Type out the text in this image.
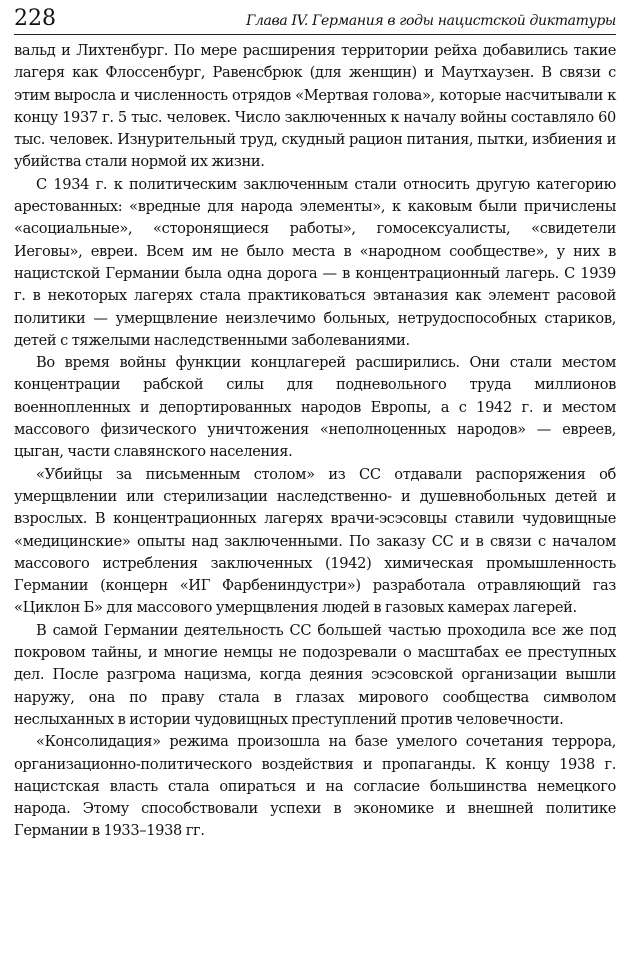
228	Глава IV. Германия в годы нацистской диктатуры

вальд и Лихтенбург. По мере расширения территории рейха добавились такие лагеря как Флоссенбург, Равенсбрюк (для женщин) и Маутхаузен. В связи с этим выросла и численность отрядов «Мертвая голова», которые насчитывали к концу 1937 г. 5 тыс. человек. Число заключенных к началу войны составляло 60 тыс. человек. Изнурительный труд, скудный рацион питания, пытки, избиения и убийства стали нормой их жизни.

С 1934 г. к политическим заключенным стали относить другую категорию арестованных: «вредные для народа элементы», к каковым были причислены «асоциальные», «сторонящиеся работы», гомосексуалисты, «свидетели Иеговы», евреи. Всем им не было места в «народном сообществе», у них в нацистской Германии была одна дорога — в концентрационный лагерь. С 1939 г. в некоторых лагерях стала практиковаться эвтаназия как элемент расовой политики — умерщвление неизлечимо больных, нетрудоспособных стариков, детей с тяжелыми наследственными заболеваниями.

Во время войны функции концлагерей расширились. Они стали местом концентрации рабской силы для подневольного труда миллионов военнопленных и депортированных народов Европы, а с 1942 г. и местом массового физического уничтожения «неполноценных народов» — евреев, цыган, части славянского населения.

«Убийцы за письменным столом» из СС отдавали распоряжения об умерщвлении или стерилизации наследственно- и душевнобольных детей и взрослых. В концентрационных лагерях врачи-эсэсовцы ставили чудовищные «медицинские» опыты над заключенными. По заказу СС и в связи с началом массового истребления заключенных (1942) химическая промышленность Германии (концерн «ИГ Фарбениндустри») разработала отравляющий газ «Циклон Б» для массового умерщвления людей в газовых камерах лагерей.

В самой Германии деятельность СС большей частью проходила все же под покровом тайны, и многие немцы не подозревали о масштабах ее преступных дел. После разгрома нацизма, когда деяния эсэсовской организации вышли наружу, она по праву стала в глазах мирового сообщества символом неслыханных в истории чудовищных преступлений против человечности.

«Консолидация» режима произошла на базе умелого сочетания террора, организационно-политического воздействия и пропаганды. К концу 1938 г. нацистская власть стала опираться и на согласие большинства немецкого народа. Этому способствовали успехи в экономике и внешней политике Германии в 1933–1938 гг.
